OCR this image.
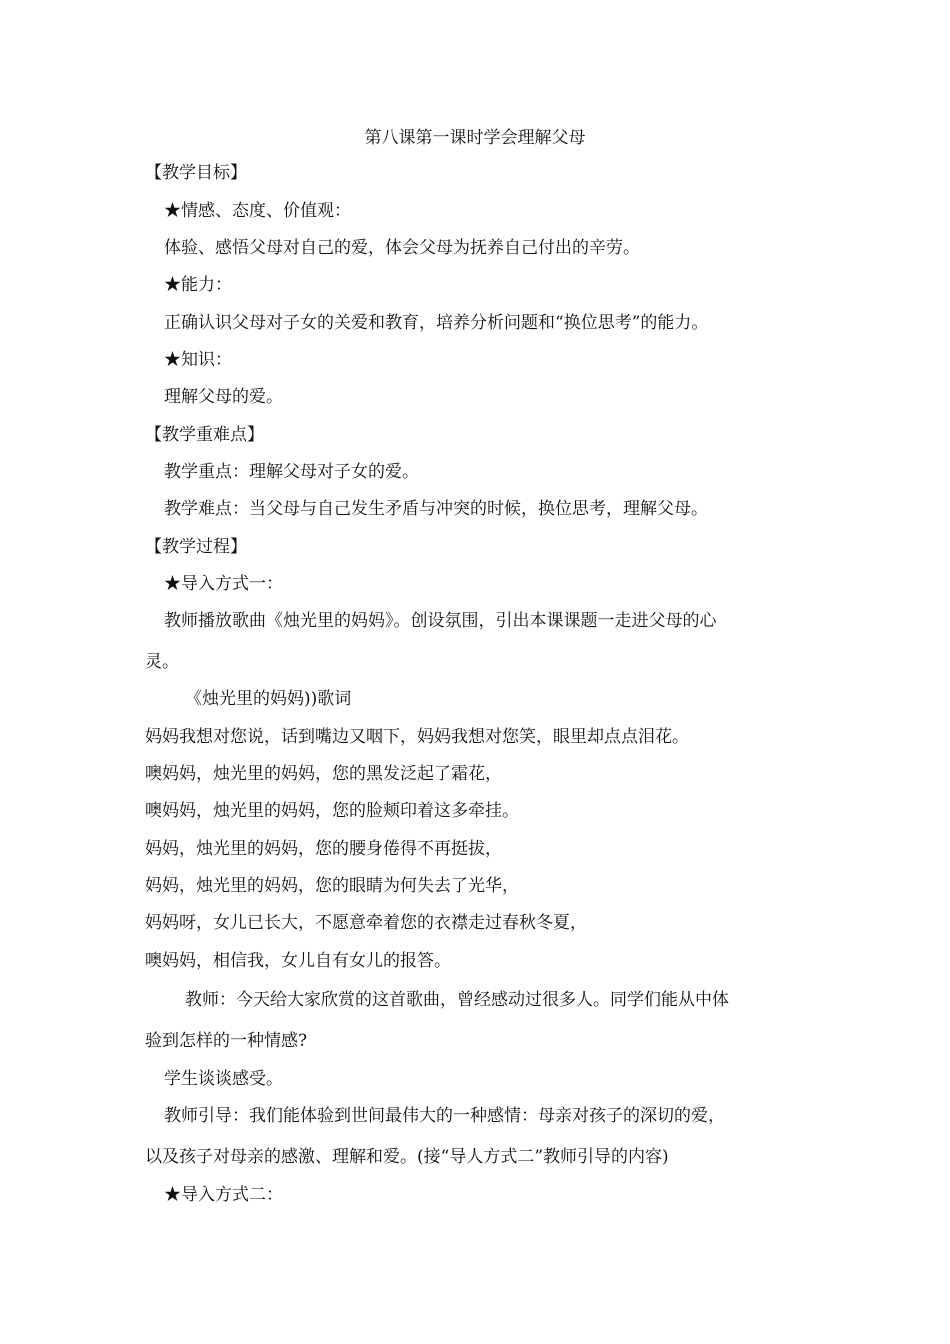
第八课第一课时学会理解父母
【教学目标】
★情感、态度、价值观：
体验、感悟父母对自己的爱，体会父母为抚养自己付出的辛劳。
★能力：
正确认识父母对子女的关爱和教育，培养分析问题和“换位思考”的能力。
★知识：
理解父母的爱。
【教学重难点】
教学重点：理解父母对子女的爱。
教学难点：当父母与自己发生矛盾与冲突的时候，换位思考，理解父母。
【教学过程】
★导入方式一：
教师播放歌曲《烛光里的妈妈》。创设氛围，引出本课课题一走进父母的心
灵。
《烛光里的妈妈))歌词
妈妈我想对您说，话到嘴边又咽下，妈妈我想对您笑，眼里却点点泪花。
噢妈妈，烛光里的妈妈，您的黑发泛起了霜花，
噢妈妈，烛光里的妈妈，您的脸颊印着这多牵挂。
妈妈，烛光里的妈妈，您的腰身倦得不再挺拔，
妈妈，烛光里的妈妈，您的眼睛为何失去了光华，
妈妈呀，女儿已长大，不愿意牵着您的衣襟走过春秋冬夏，
噢妈妈，相信我，女儿自有女儿的报答。
教师：今天给大家欣赏的这首歌曲，曾经感动过很多人。同学们能从中体
验到怎样的一种情感?
学生谈谈感受。
教师引导：我们能体验到世间最伟大的一种感情：母亲对孩子的深切的爱，
以及孩子对母亲的感激、理解和爱。(接“导人方式二”教师引导的内容)
★导入方式二：
